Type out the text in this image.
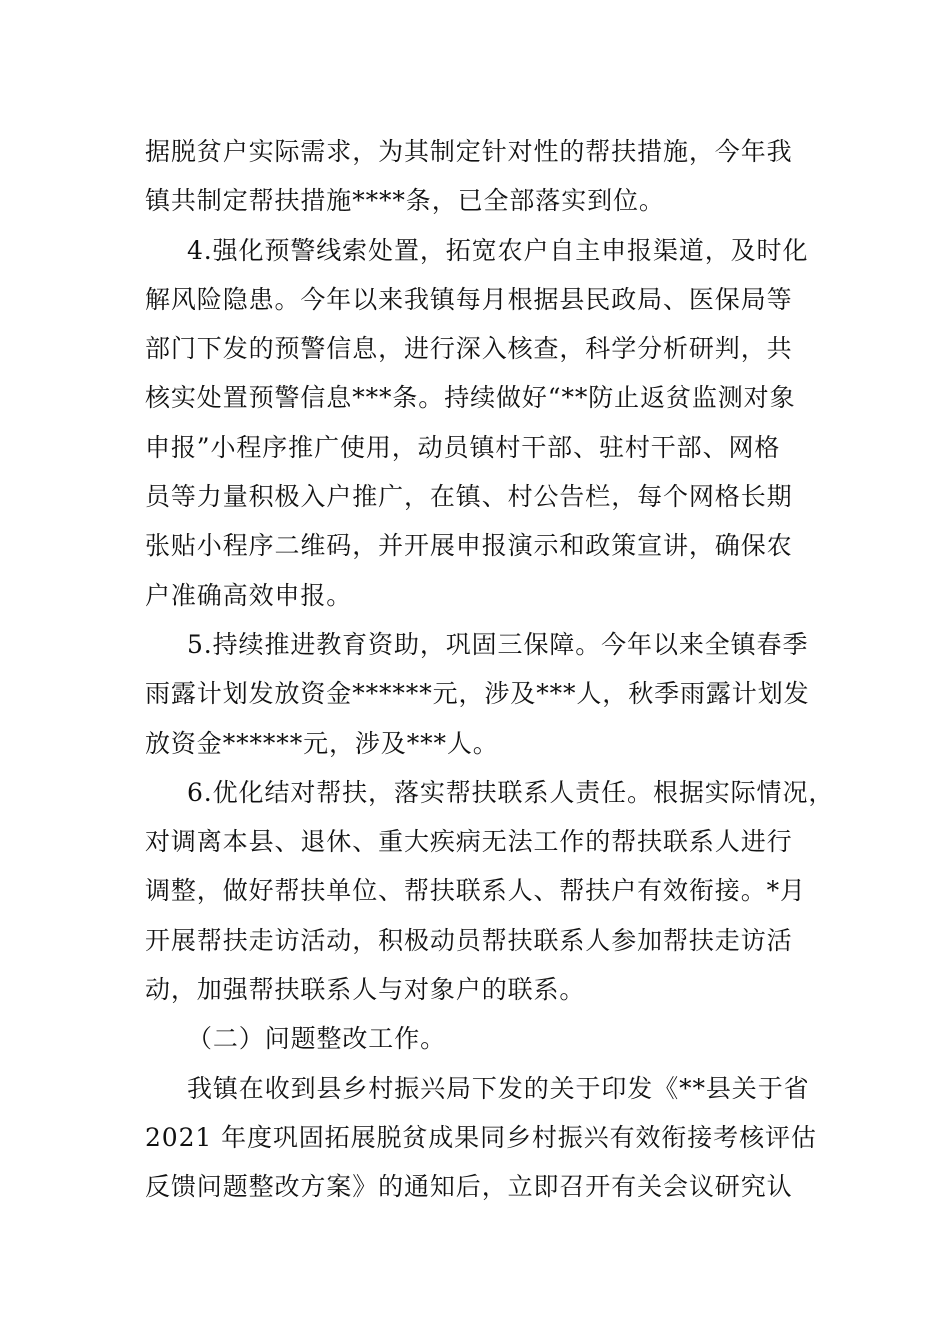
据脱贫户实际需求，为其制定针对性的帮扶措施，今年我
镇共制定帮扶措施****条，已全部落实到位。
4.强化预警线索处置，拓宽农户自主申报渠道，及时化
解风险隐患。今年以来我镇每月根据县民政局、医保局等
部门下发的预警信息，进行深入核查，科学分析研判，共
核实处置预警信息***条。持续做好“**防止返贫监测对象
申报”小程序推广使用，动员镇村干部、驻村干部、网格
员等力量积极入户推广，在镇、村公告栏，每个网格长期
张贴小程序二维码，并开展申报演示和政策宣讲，确保农
户准确高效申报。
5.持续推进教育资助，巩固三保障。今年以来全镇春季
雨露计划发放资金******元，涉及***人，秋季雨露计划发
放资金******元，涉及***人。
6.优化结对帮扶，落实帮扶联系人责任。根据实际情况，
对调离本县、退休、重大疾病无法工作的帮扶联系人进行
调整，做好帮扶单位、帮扶联系人、帮扶户有效衔接。*月
开展帮扶走访活动，积极动员帮扶联系人参加帮扶走访活
动，加强帮扶联系人与对象户的联系。
（二）问题整改工作。
我镇在收到县乡村振兴局下发的关于印发《**县关于省
2021 年度巩固拓展脱贫成果同乡村振兴有效衔接考核评估
反馈问题整改方案》的通知后，立即召开有关会议研究认
